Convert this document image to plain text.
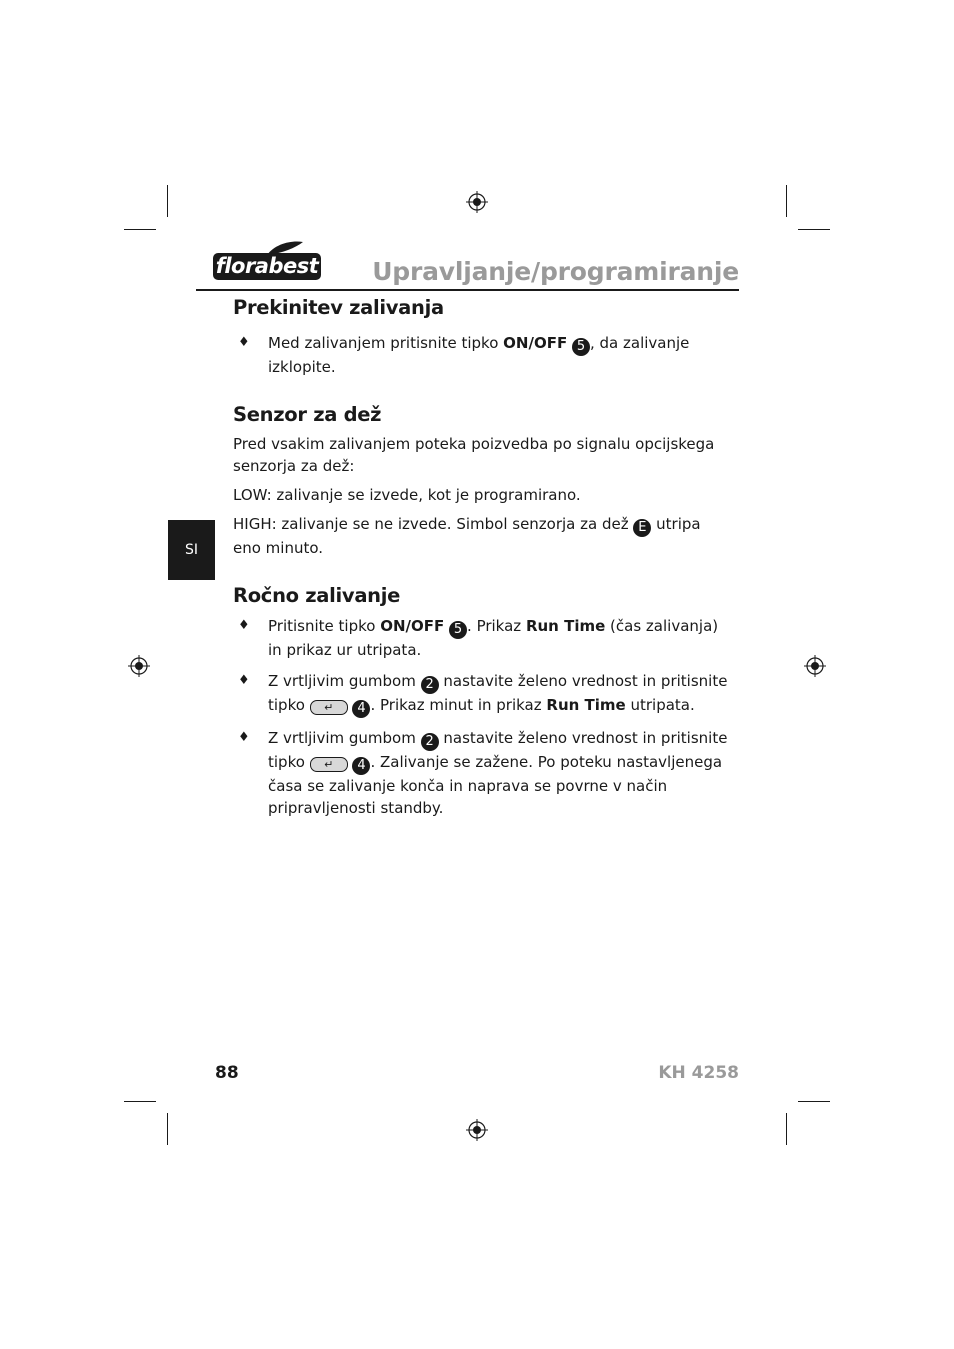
florabest Upravljanje/programiranje
SI
Prekinitev zalivanja
♦ Med zalivanjem pritisnite tipko ON/OFF 5 , da zalivanje izklopite.
Senzor za dež

Pred vsakim zalivanjem poteka poizvedba po signalu opcijskega senzorja za dež:

LOW: zalivanje se izvede, kot je programirano.

HIGH: zalivanje se ne izvede. Simbol senzorja za dež E utripa eno minuto.

Ročno zalivanje
♦ Pritisnite tipko ON/OFF 5 . Prikaz Run Time (čas zalivanja) in prikaz ur utripata.
♦ Z vrtljivim gumbom 2 nastavite želeno vrednost in pritisnite tipko ↵ 4 . Prikaz minut in prikaz Run Time utripata.
♦ Z vrtljivim gumbom 2 nastavite želeno vrednost in pritisnite tipko ↵ 4 . Zalivanje se zažene. Po poteku nastavljenega časa se zalivanje konča in naprava se povrne v način pripravljenosti standby.
88	KH 4258
